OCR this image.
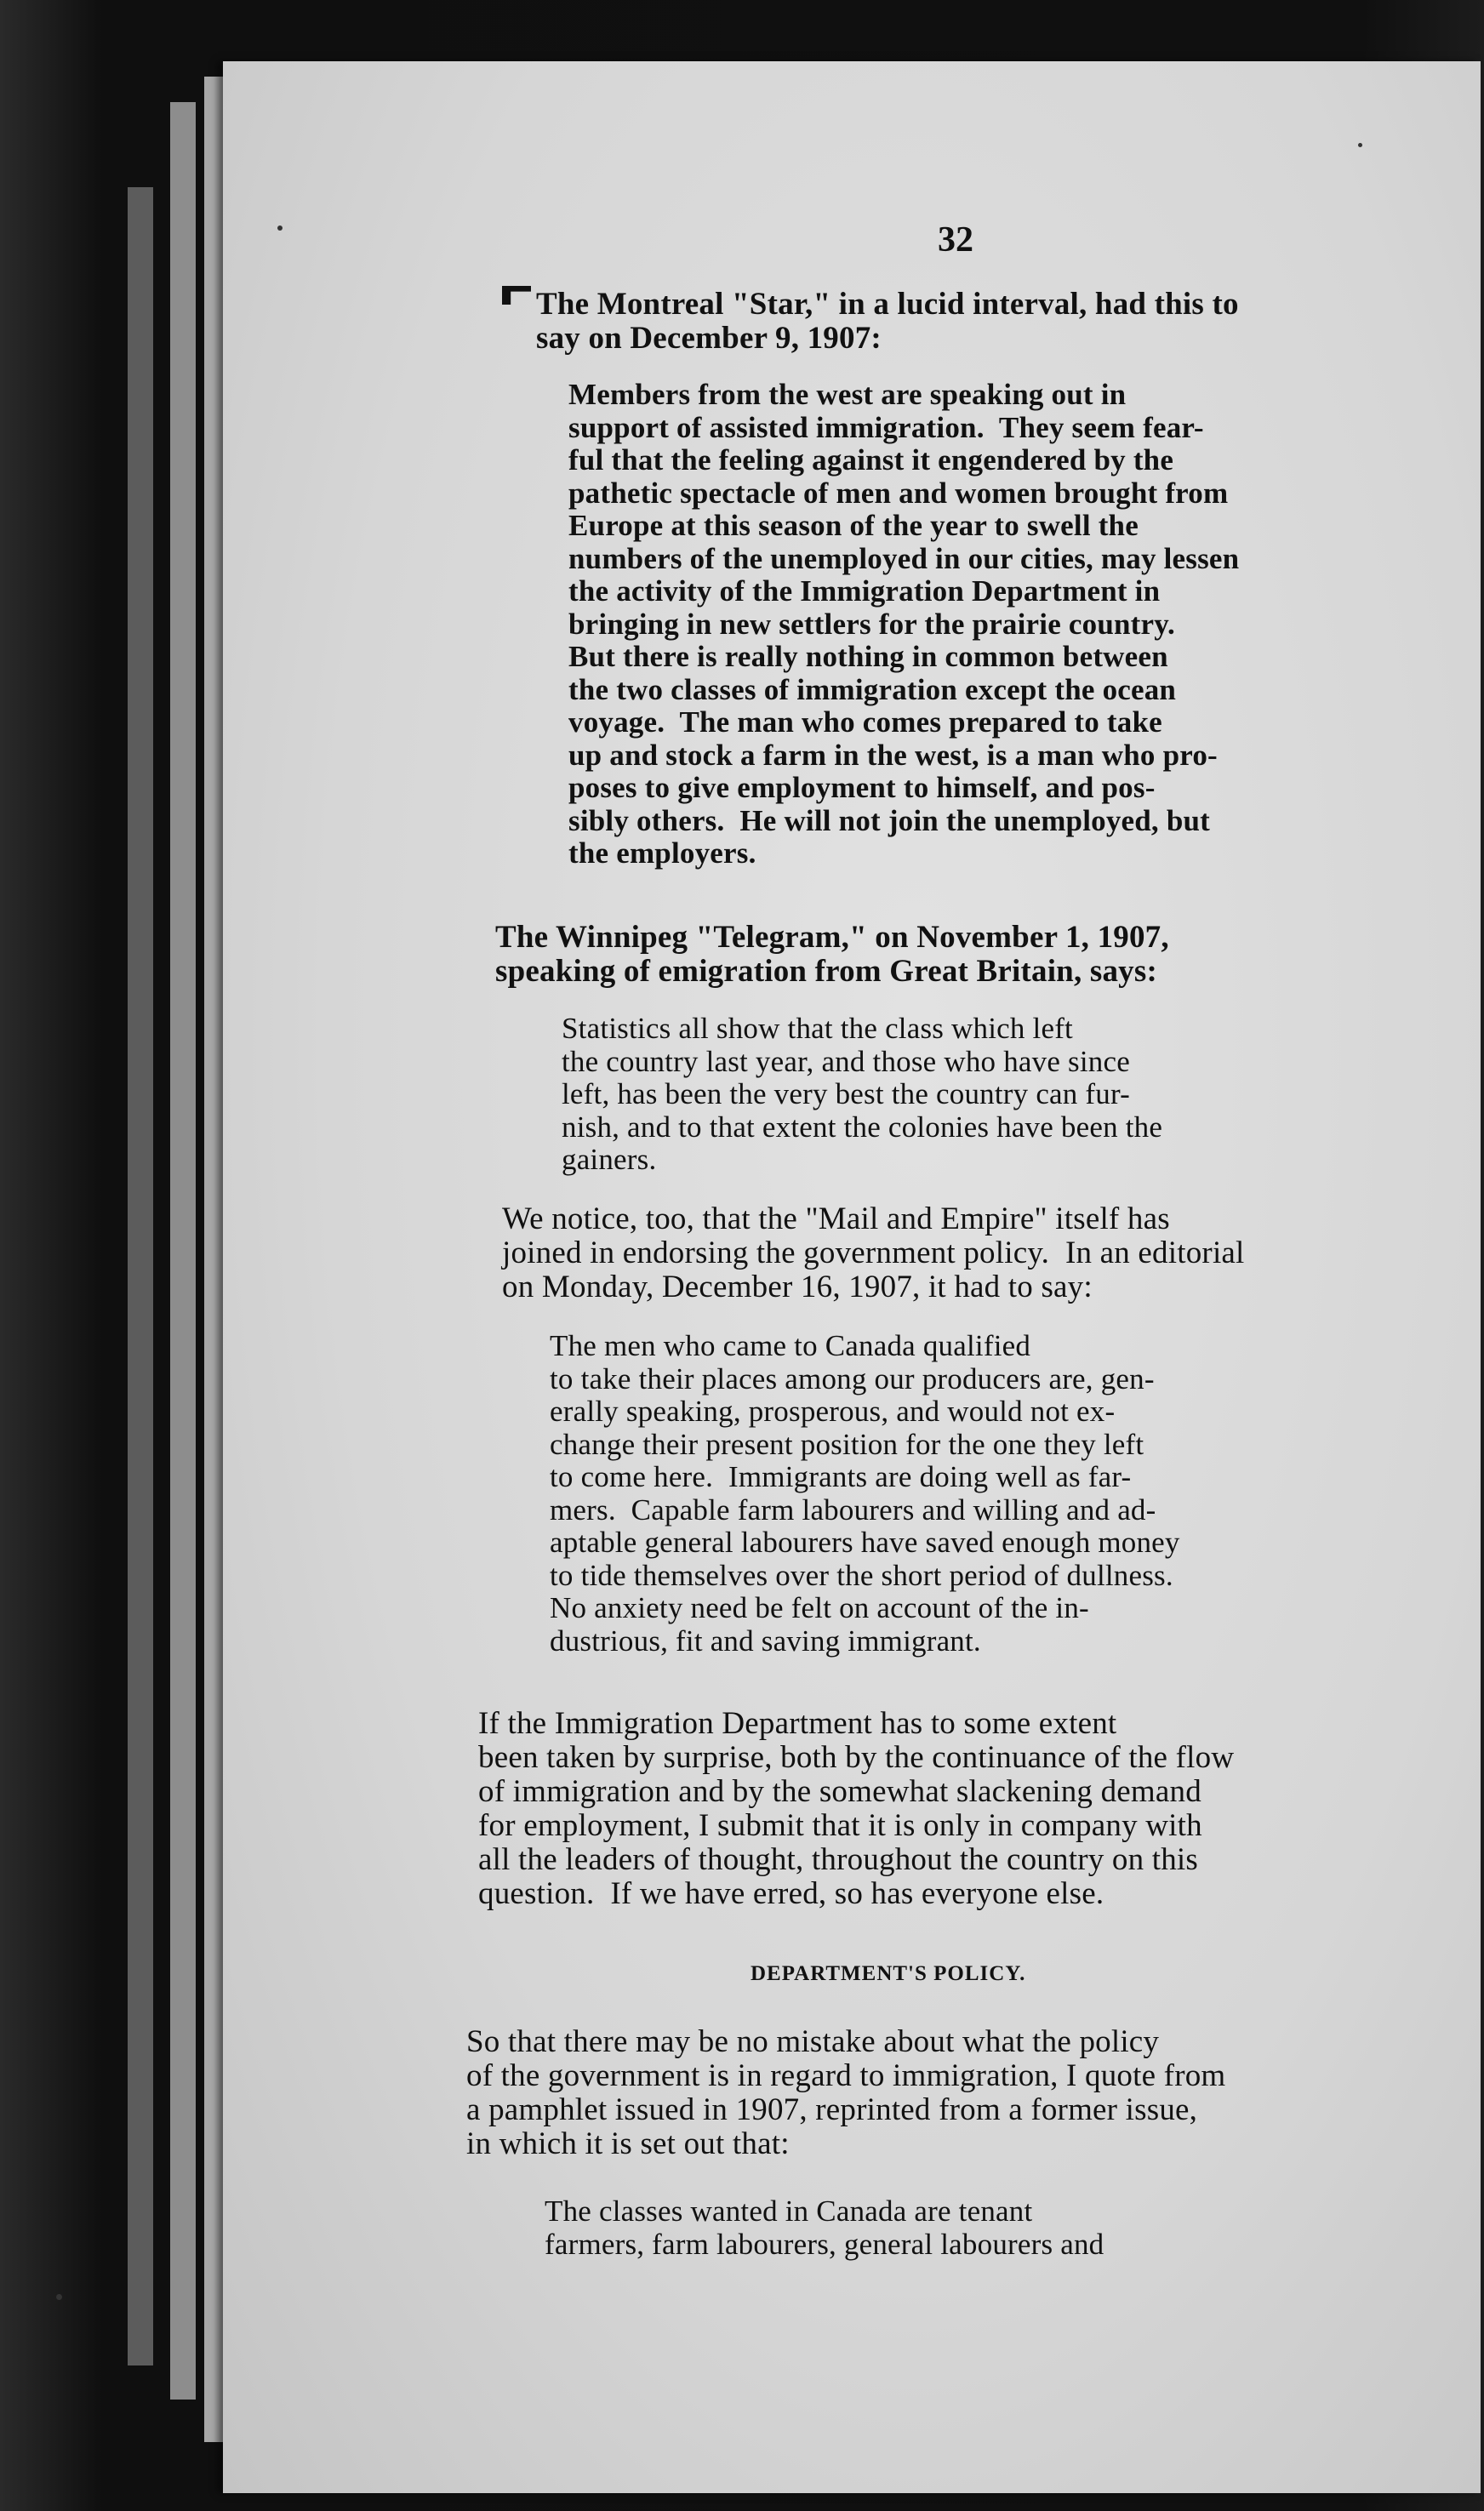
32
The Montreal "Star," in a lucid interval, had this to
say on December 9, 1907:
Members from the west are speaking out in
support of assisted immigration.  They seem fear-
ful that the feeling against it engendered by the
pathetic spectacle of men and women brought from
Europe at this season of the year to swell the
numbers of the unemployed in our cities, may lessen
the activity of the Immigration Department in
bringing in new settlers for the prairie country.
But there is really nothing in common between
the two classes of immigration except the ocean
voyage.  The man who comes prepared to take
up and stock a farm in the west, is a man who pro-
poses to give employment to himself, and pos-
sibly others.  He will not join the unemployed, but
the employers.
The Winnipeg "Telegram," on November 1, 1907,
speaking of emigration from Great Britain, says:
Statistics all show that the class which left
the country last year, and those who have since
left, has been the very best the country can fur-
nish, and to that extent the colonies have been the
gainers.
We notice, too, that the "Mail and Empire" itself has
joined in endorsing the government policy.  In an editorial
on Monday, December 16, 1907, it had to say:
The men who came to Canada qualified
to take their places among our producers are, gen-
erally speaking, prosperous, and would not ex-
change their present position for the one they left
to come here.  Immigrants are doing well as far-
mers.  Capable farm labourers and willing and ad-
aptable general labourers have saved enough money
to tide themselves over the short period of dullness.
No anxiety need be felt on account of the in-
dustrious, fit and saving immigrant.
If the Immigration Department has to some extent
been taken by surprise, both by the continuance of the flow
of immigration and by the somewhat slackening demand
for employment, I submit that it is only in company with
all the leaders of thought, throughout the country on this
question.  If we have erred, so has everyone else.
DEPARTMENT'S POLICY.
So that there may be no mistake about what the policy
of the government is in regard to immigration, I quote from
a pamphlet issued in 1907, reprinted from a former issue,
in which it is set out that:
The classes wanted in Canada are tenant
farmers, farm labourers, general labourers and
